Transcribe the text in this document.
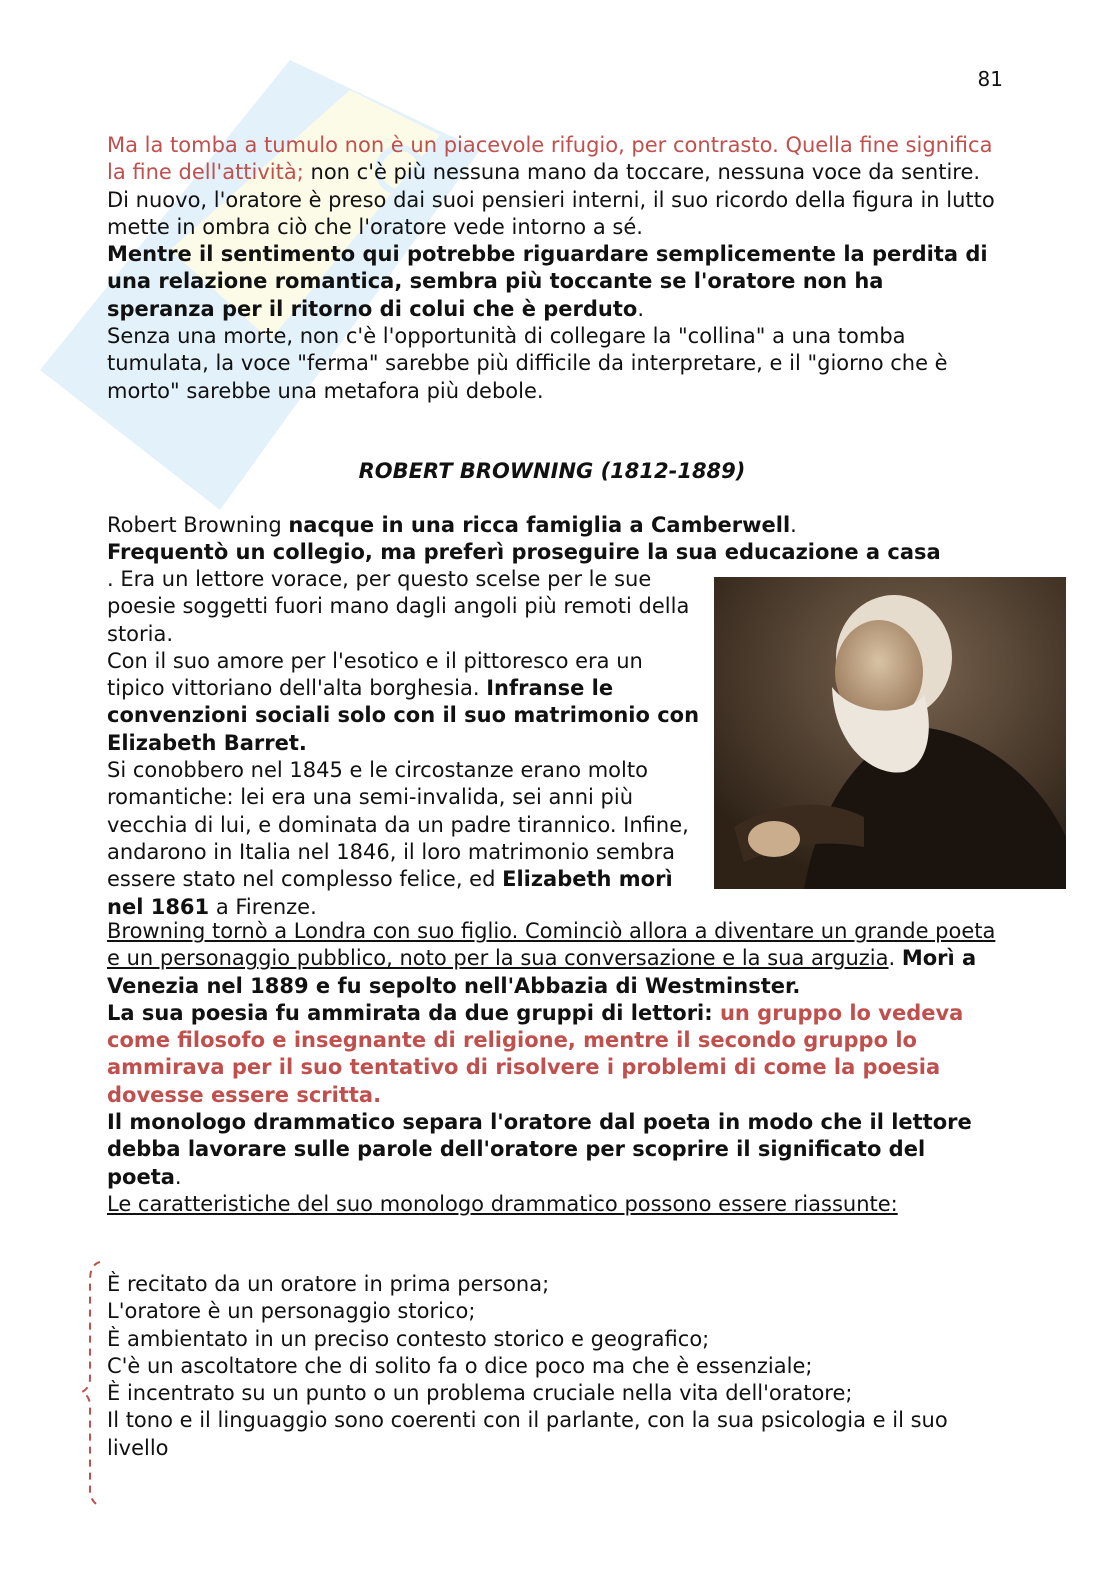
81

Ma la tomba a tumulo non è un piacevole rifugio, per contrasto. Quella fine significa la fine dell'attività; non c'è più nessuna mano da toccare, nessuna voce da sentire. Di nuovo, l'oratore è preso dai suoi pensieri interni, il suo ricordo della figura in lutto mette in ombra ciò che l'oratore vede intorno a sé.
Mentre il sentimento qui potrebbe riguardare semplicemente la perdita di una relazione romantica, sembra più toccante se l'oratore non ha speranza per il ritorno di colui che è perduto.
Senza una morte, non c'è l'opportunità di collegare la "collina" a una tomba tumulata, la voce "ferma" sarebbe più difficile da interpretare, e il "giorno che è morto" sarebbe una metafora più debole.

ROBERT BROWNING (1812-1889)

Robert Browning nacque in una ricca famiglia a Camberwell.
Frequentò un collegio, ma preferì proseguire la sua educazione a casa

. Era un lettore vorace, per questo scelse per le sue poesie soggetti fuori mano dagli angoli più remoti della storia.
Con il suo amore per l'esotico e il pittoresco era un tipico vittoriano dell'alta borghesia. Infranse le convenzioni sociali solo con il suo matrimonio con Elizabeth Barret.
Si conobbero nel 1845 e le circostanze erano molto romantiche: lei era una semi-invalida, sei anni più vecchia di lui, e dominata da un padre tirannico. Infine, andarono in Italia nel 1846, il loro matrimonio sembra essere stato nel complesso felice, ed Elizabeth morì nel 1861 a Firenze.

Browning tornò a Londra con suo figlio. Cominciò allora a diventare un grande poeta e un personaggio pubblico, noto per la sua conversazione e la sua arguzia. Morì a Venezia nel 1889 e fu sepolto nell'Abbazia di Westminster.
La sua poesia fu ammirata da due gruppi di lettori: un gruppo lo vedeva come filosofo e insegnante di religione, mentre il secondo gruppo lo ammirava per il suo tentativo di risolvere i problemi di come la poesia dovesse essere scritta.
Il monologo drammatico separa l'oratore dal poeta in modo che il lettore debba lavorare sulle parole dell'oratore per scoprire il significato del poeta.
Le caratteristiche del suo monologo drammatico possono essere riassunte:

È recitato da un oratore in prima persona;
L'oratore è un personaggio storico;
È ambientato in un preciso contesto storico e geografico;
C'è un ascoltatore che di solito fa o dice poco ma che è essenziale;
È incentrato su un punto o un problema cruciale nella vita dell'oratore;
Il tono e il linguaggio sono coerenti con il parlante, con la sua psicologia e il suo livello
